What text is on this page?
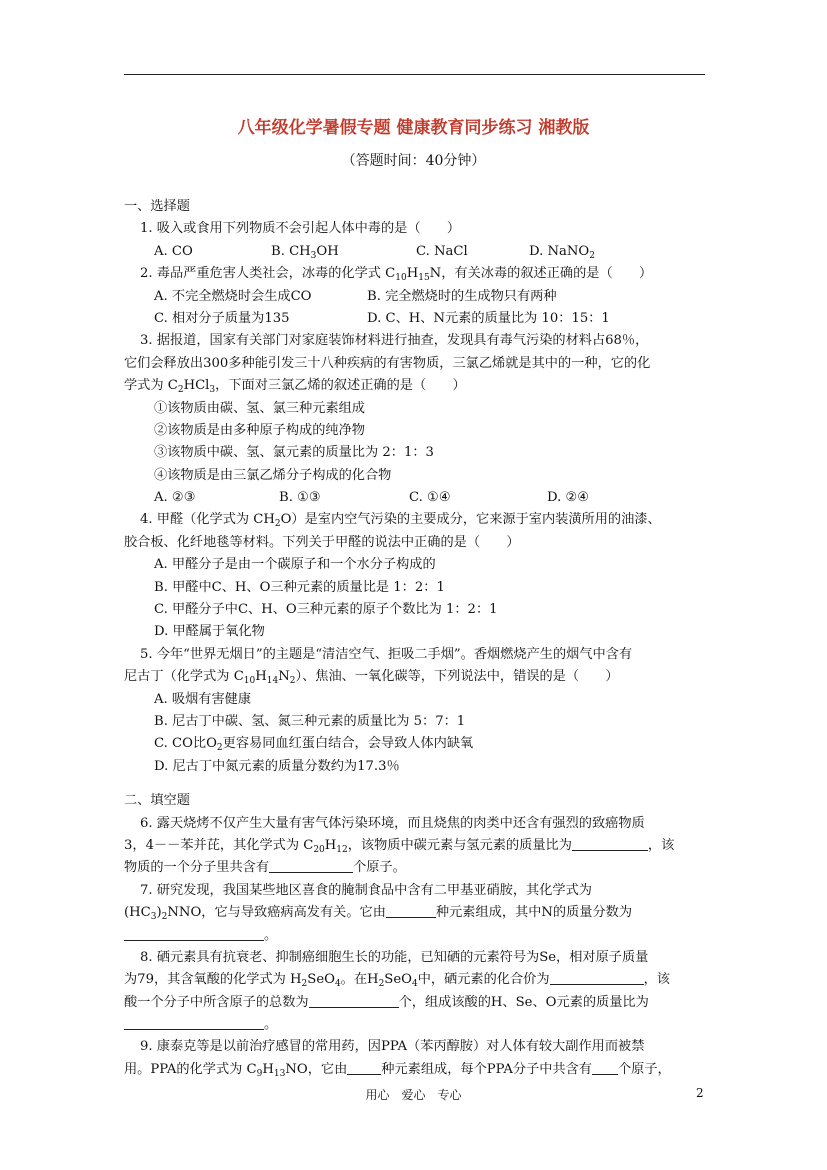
八年级化学暑假专题 健康教育同步练习 湘教版
（答题时间：40分钟）
一、选择题
1. 吸入或食用下列物质不会引起人体中毒的是（　　）
A. CO	B. $CH_3OH$	C. NaCl	D. NaNO$_2$
2. 毒品严重危害人类社会，冰毒的化学式 $C_{10}H_{15}N$，有关冰毒的叙述正确的是（　　）
A. 不完全燃烧时会生成CO	B. 完全燃烧时的生成物只有两种
C. 相对分子质量为135	D. C、H、N元素的质量比为 10：15：1
3. 据报道，国家有关部门对家庭装饰材料进行抽查，发现具有毒气污染的材料占68％，
它们会释放出300多种能引发三十八种疾病的有害物质，三氯乙烯就是其中的一种，它的化
学式为 $C_2HCl_3$，下面对三氯乙烯的叙述正确的是（　　）
①该物质由碳、氢、氯三种元素组成
②该物质是由多种原子构成的纯净物
③该物质中碳、氢、氯元素的质量比为 2：1：3
④该物质是由三氯乙烯分子构成的化合物
A. ②③	B. ①③	C. ①④	D. ②④
4. 甲醛（化学式为 $CH_2O$）是室内空气污染的主要成分，它来源于室内装潢所用的油漆、
胶合板、化纤地毯等材料。下列关于甲醛的说法中正确的是（　　）
A. 甲醛分子是由一个碳原子和一个水分子构成的
B. 甲醛中C、H、O三种元素的质量比是 1：2：1
C. 甲醛分子中C、H、O三种元素的原子个数比为 1：2：1
D. 甲醛属于氧化物
5. 今年“世界无烟日”的主题是“清洁空气、拒吸二手烟”。香烟燃烧产生的烟气中含有
尼古丁（化学式为 $C_{10}H_{14}N_2$）、焦油、一氧化碳等，下列说法中，错误的是（　　）
A. 吸烟有害健康
B. 尼古丁中碳、氢、氮三种元素的质量比为 5：7：1
C. CO比$O_2$更容易同血红蛋白结合，会导致人体内缺氧
D. 尼古丁中氮元素的质量分数约为17.3％
二、填空题
6. 露天烧烤不仅产生大量有害气体污染环境，而且烧焦的肉类中还含有强烈的致癌物质
3，4－－苯并芘，其化学式为 $C_{20}H_{12}$，该物质中碳元素与氢元素的质量比为	，该
物质的一个分子里共含有	个原子。
7. 研究发现，我国某些地区喜食的腌制食品中含有二甲基亚硝胺，其化学式为
$(HC_3)_2NNO$，它与导致癌病高发有关。它由	种元素组成，其中N的质量分数为
。
8. 硒元素具有抗衰老、抑制癌细胞生长的功能，已知硒的元素符号为Se，相对原子质量
为79，其含氧酸的化学式为 $H_2SeO_4$。在$H_2SeO_4$中，硒元素的化合价为	，该
酸一个分子中所含原子的总数为	个，组成该酸的H、Se、O元素的质量比为
。
9. 康泰克等是以前治疗感冒的常用药，因PPA（苯丙醇胺）对人体有较大副作用而被禁
用。PPA的化学式为 $C_9H_{13}NO$，它由	种元素组成，每个PPA分子中共含有 个原子，
用心　爱心　专心	2
